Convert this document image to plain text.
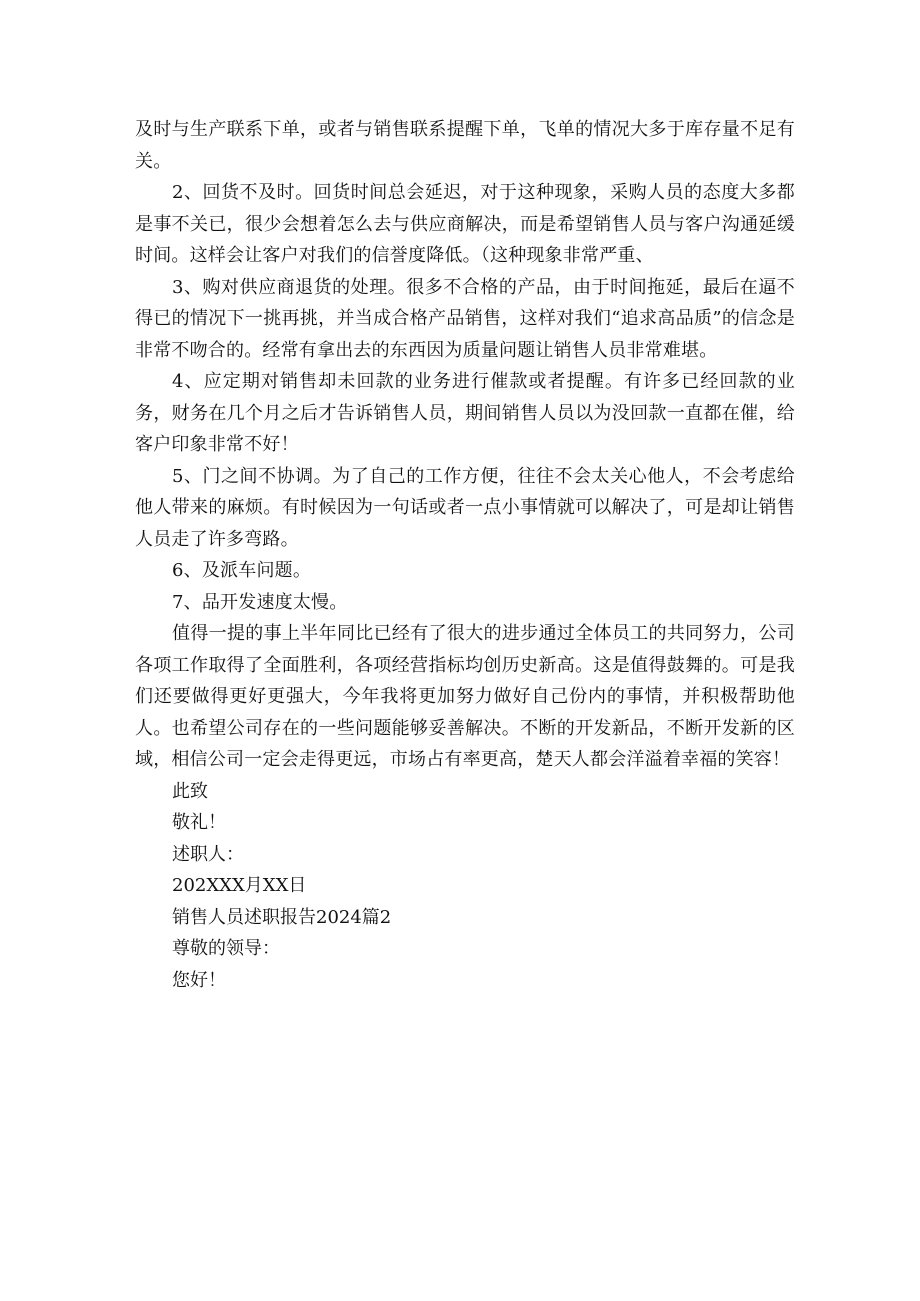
及时与生产联系下单，或者与销售联系提醒下单，飞单的情况大多于库存量不足有关。

2、回货不及时。回货时间总会延迟，对于这种现象，采购人员的态度大多都是事不关已，很少会想着怎么去与供应商解决，而是希望销售人员与客户沟通延缓时间。这样会让客户对我们的信誉度降低。（这种现象非常严重、

3、购对供应商退货的处理。很多不合格的产品，由于时间拖延，最后在逼不得已的情况下一挑再挑，并当成合格产品销售，这样对我们“追求高品质”的信念是非常不吻合的。经常有拿出去的东西因为质量问题让销售人员非常难堪。

4、应定期对销售却未回款的业务进行催款或者提醒。有许多已经回款的业务，财务在几个月之后才告诉销售人员，期间销售人员以为没回款一直都在催，给客户印象非常不好！

5、门之间不协调。为了自己的工作方便，往往不会太关心他人，不会考虑给他人带来的麻烦。有时候因为一句话或者一点小事情就可以解决了，可是却让销售人员走了许多弯路。

6、及派车问题。

7、品开发速度太慢。

值得一提的事上半年同比已经有了很大的进步通过全体员工的共同努力，公司各项工作取得了全面胜利，各项经营指标均创历史新高。这是值得鼓舞的。可是我们还要做得更好更强大，今年我将更加努力做好自己份内的事情，并积极帮助他人。也希望公司存在的一些问题能够妥善解决。不断的开发新品，不断开发新的区域，相信公司一定会走得更远，市场占有率更高，楚天人都会洋溢着幸福的笑容！

此致

敬礼！

述职人：

202XXX月XX日

销售人员述职报告2024篇2

尊敬的领导：

您好！
